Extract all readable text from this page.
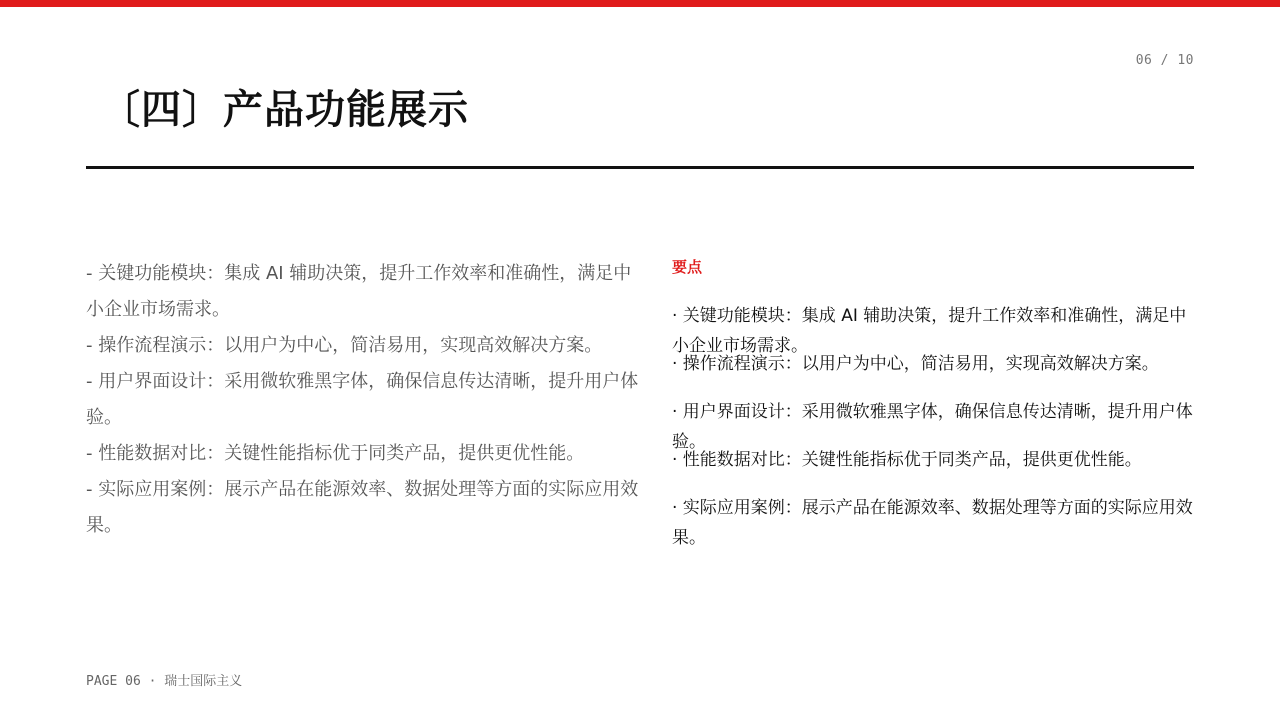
06 / 10
〔四〕产品功能展示
- 关键功能模块：集成 AI 辅助决策，提升工作效率和准确性，满足中小企业市场需求。
- 操作流程演示：以用户为中心，简洁易用，实现高效解决方案。
- 用户界面设计：采用微软雅黑字体，确保信息传达清晰，提升用户体验。
- 性能数据对比：关键性能指标优于同类产品，提供更优性能。
- 实际应用案例：展示产品在能源效率、数据处理等方面的实际应用效果。
要点
· 关键功能模块：集成 AI 辅助决策，提升工作效率和准确性，满足中小企业市场需求。
· 操作流程演示：以用户为中心，简洁易用，实现高效解决方案。
· 用户界面设计：采用微软雅黑字体，确保信息传达清晰，提升用户体验。
· 性能数据对比：关键性能指标优于同类产品，提供更优性能。
· 实际应用案例：展示产品在能源效率、数据处理等方面的实际应用效果。
PAGE 06 · 瑞士国际主义
